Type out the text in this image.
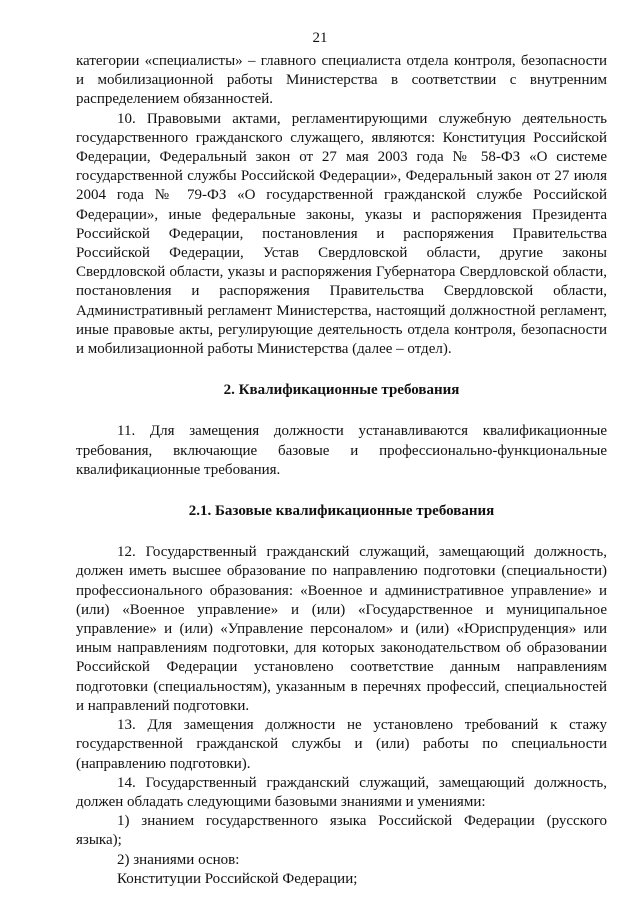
21

категории «специалисты» – главного специалиста отдела контроля, безопасности и мобилизационной работы Министерства в соответствии с внутренним распределением обязанностей.

10. Правовыми актами, регламентирующими служебную деятельность государственного гражданского служащего, являются: Конституция Российской Федерации, Федеральный закон от 27 мая 2003 года № 58-ФЗ «О системе государственной службы Российской Федерации», Федеральный закон от 27 июля 2004 года № 79-ФЗ «О государственной гражданской службе Российской Федерации», иные федеральные законы, указы и распоряжения Президента Российской Федерации, постановления и распоряжения Правительства Российской Федерации, Устав Свердловской области, другие законы Свердловской области, указы и распоряжения Губернатора Свердловской области, постановления и распоряжения Правительства Свердловской области, Административный регламент Министерства, настоящий должностной регламент, иные правовые акты, регулирующие деятельность отдела контроля, безопасности и мобилизационной работы Министерства (далее – отдел).

2. Квалификационные требования

11. Для замещения должности устанавливаются квалификационные требования, включающие базовые и профессионально-функциональные квалификационные требования.

2.1. Базовые квалификационные требования

12. Государственный гражданский служащий, замещающий должность, должен иметь высшее образование по направлению подготовки (специальности) профессионального образования: «Военное и административное управление» и (или) «Военное управление» и (или) «Государственное и муниципальное управление» и (или) «Управление персоналом» и (или) «Юриспруденция» или иным направлениям подготовки, для которых законодательством об образовании Российской Федерации установлено соответствие данным направлениям подготовки (специальностям), указанным в перечнях профессий, специальностей и направлений подготовки.

13. Для замещения должности не установлено требований к стажу государственной гражданской службы и (или) работы по специальности (направлению подготовки).

14. Государственный гражданский служащий, замещающий должность, должен обладать следующими базовыми знаниями и умениями:

1) знанием государственного языка Российской Федерации (русского языка);

2) знаниями основ:

Конституции Российской Федерации;
